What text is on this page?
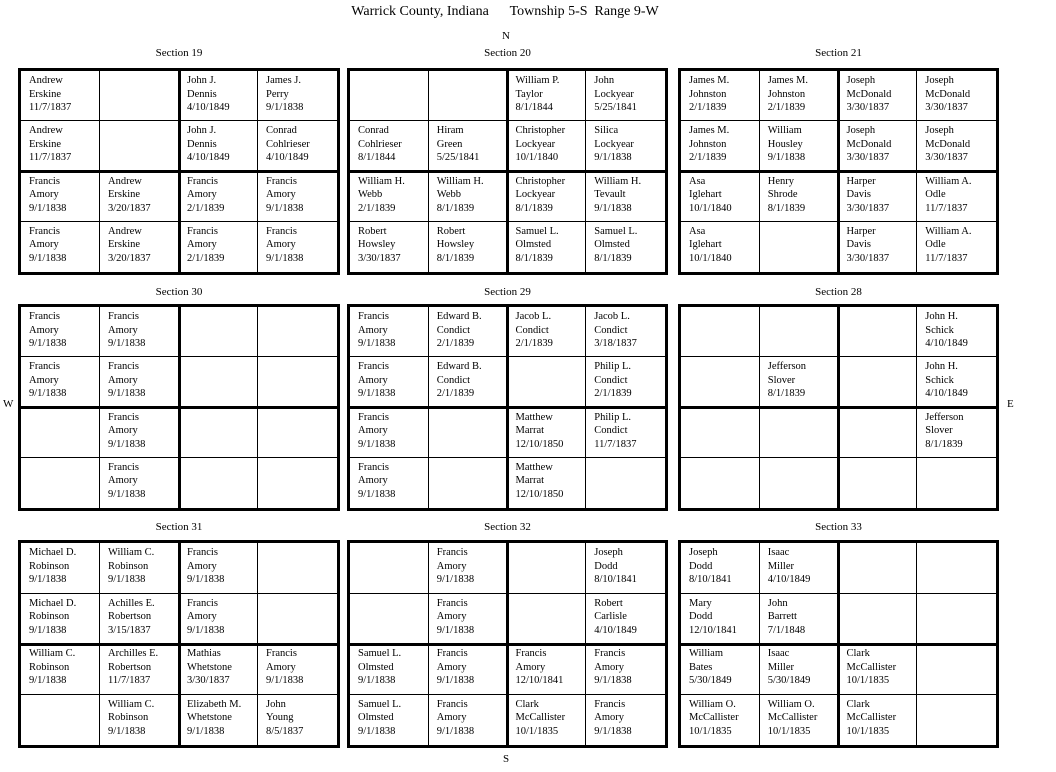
Warrick County, Indiana      Township 5-S  Range 9-W
N
S
W	E
Section 19
Andrew
Erskine
11/7/1837
John J.
Dennis
4/10/1849
James J.
Perry
9/1/1838
Andrew
Erskine
11/7/1837
John J.
Dennis
4/10/1849
Conrad
Cohlrieser
4/10/1849
Francis
Amory
9/1/1838
Andrew
Erskine
3/20/1837
Francis
Amory
2/1/1839
Francis
Amory
9/1/1838
Francis
Amory
9/1/1838
Andrew
Erskine
3/20/1837
Francis
Amory
2/1/1839
Francis
Amory
9/1/1838
Section 20
William P.
Taylor
8/1/1844
John
Lockyear
5/25/1841
Conrad
Cohlrieser
8/1/1844
Hiram
Green
5/25/1841
Christopher
Lockyear
10/1/1840
Silica
Lockyear
9/1/1838
William H.
Webb
2/1/1839
William H.
Webb
8/1/1839
Christopher
Lockyear
8/1/1839
William H.
Tevault
9/1/1838
Robert
Howsley
3/30/1837
Robert
Howsley
8/1/1839
Samuel L.
Olmsted
8/1/1839
Samuel L.
Olmsted
8/1/1839
Section 21
James M.
Johnston
2/1/1839
James M.
Johnston
2/1/1839
Joseph
McDonald
3/30/1837
Joseph
McDonald
3/30/1837
James M.
Johnston
2/1/1839
William
Housley
9/1/1838
Joseph
McDonald
3/30/1837
Joseph
McDonald
3/30/1837
Asa
Iglehart
10/1/1840
Henry
Shrode
8/1/1839
Harper
Davis
3/30/1837
William A.
Odle
11/7/1837
Asa
Iglehart
10/1/1840
Harper
Davis
3/30/1837
William A.
Odle
11/7/1837
Section 30
Francis
Amory
9/1/1838
Francis
Amory
9/1/1838
Francis
Amory
9/1/1838
Francis
Amory
9/1/1838
Francis
Amory
9/1/1838
Francis
Amory
9/1/1838
Section 29
Francis
Amory
9/1/1838
Edward B.
Condict
2/1/1839
Jacob L.
Condict
2/1/1839
Jacob L.
Condict
3/18/1837
Francis
Amory
9/1/1838
Edward B.
Condict
2/1/1839
Philip L.
Condict
2/1/1839
Francis
Amory
9/1/1838
Matthew
Marrat
12/10/1850
Philip L.
Condict
11/7/1837
Francis
Amory
9/1/1838
Matthew
Marrat
12/10/1850
Section 28
John H.
Schick
4/10/1849
Jefferson
Slover
8/1/1839
John H.
Schick
4/10/1849
Jefferson
Slover
8/1/1839
Section 31
Michael D.
Robinson
9/1/1838
William C.
Robinson
9/1/1838
Francis
Amory
9/1/1838
Michael D.
Robinson
9/1/1838
Achilles E.
Robertson
3/15/1837
Francis
Amory
9/1/1838
William C.
Robinson
9/1/1838
Archilles E.
Robertson
11/7/1837
Mathias
Whetstone
3/30/1837
Francis
Amory
9/1/1838
William C.
Robinson
9/1/1838
Elizabeth M.
Whetstone
9/1/1838
John
Young
8/5/1837
Section 32
Francis
Amory
9/1/1838
Joseph
Dodd
8/10/1841
Francis
Amory
9/1/1838
Robert
Carlisle
4/10/1849
Samuel L.
Olmsted
9/1/1838
Francis
Amory
9/1/1838
Francis
Amory
12/10/1841
Francis
Amory
9/1/1838
Samuel L.
Olmsted
9/1/1838
Francis
Amory
9/1/1838
Clark
McCallister
10/1/1835
Francis
Amory
9/1/1838
Section 33
Joseph
Dodd
8/10/1841
Isaac
Miller
4/10/1849
Mary
Dodd
12/10/1841
John
Barrett
7/1/1848
William
Bates
5/30/1849
Isaac
Miller
5/30/1849
Clark
McCallister
10/1/1835
William O.
McCallister
10/1/1835
William O.
McCallister
10/1/1835
Clark
McCallister
10/1/1835
